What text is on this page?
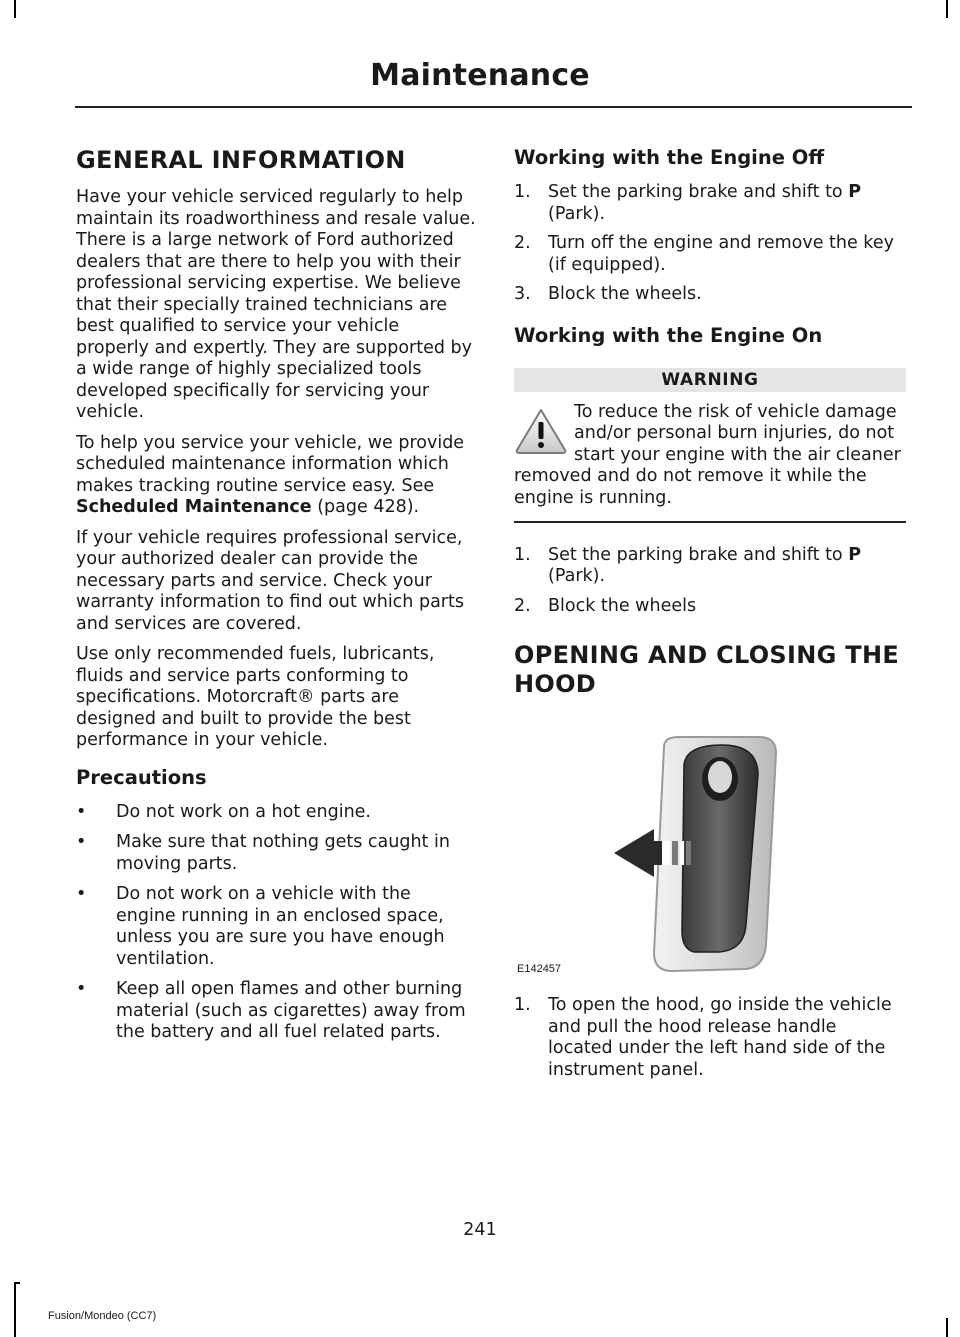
Maintenance
GENERAL INFORMATION

Have your vehicle serviced regularly to help maintain its roadworthiness and resale value. There is a large network of Ford authorized dealers that are there to help you with their professional servicing expertise. We believe that their specially trained technicians are best qualified to service your vehicle properly and expertly. They are supported by a wide range of highly specialized tools developed specifically for servicing your vehicle.

To help you service your vehicle, we provide scheduled maintenance information which makes tracking routine service easy. See Scheduled Maintenance (page 428).

If your vehicle requires professional service, your authorized dealer can provide the necessary parts and service. Check your warranty information to find out which parts and services are covered.

Use only recommended fuels, lubricants, fluids and service parts conforming to specifications. Motorcraft® parts are designed and built to provide the best performance in your vehicle.

Precautions
• Do not work on a hot engine.
• Make sure that nothing gets caught in moving parts.
• Do not work on a vehicle with the engine running in an enclosed space, unless you are sure you have enough ventilation.
• Keep all open flames and other burning material (such as cigarettes) away from the battery and all fuel related parts.
Working with the Engine Off
1. Set the parking brake and shift to P (Park).
2. Turn off the engine and remove the key (if equipped).
3. Block the wheels.
Working with the Engine On
WARNING
To reduce the risk of vehicle damage and/or personal burn injuries, do not start your engine with the air cleaner removed and do not remove it while the engine is running.
1. Set the parking brake and shift to P (Park).
2. Block the wheels
OPENING AND CLOSING THE
HOOD
E142457
1. To open the hood, go inside the vehicle and pull the hood release handle located under the left hand side of the instrument panel.
241
Fusion/Mondeo (CC7)
